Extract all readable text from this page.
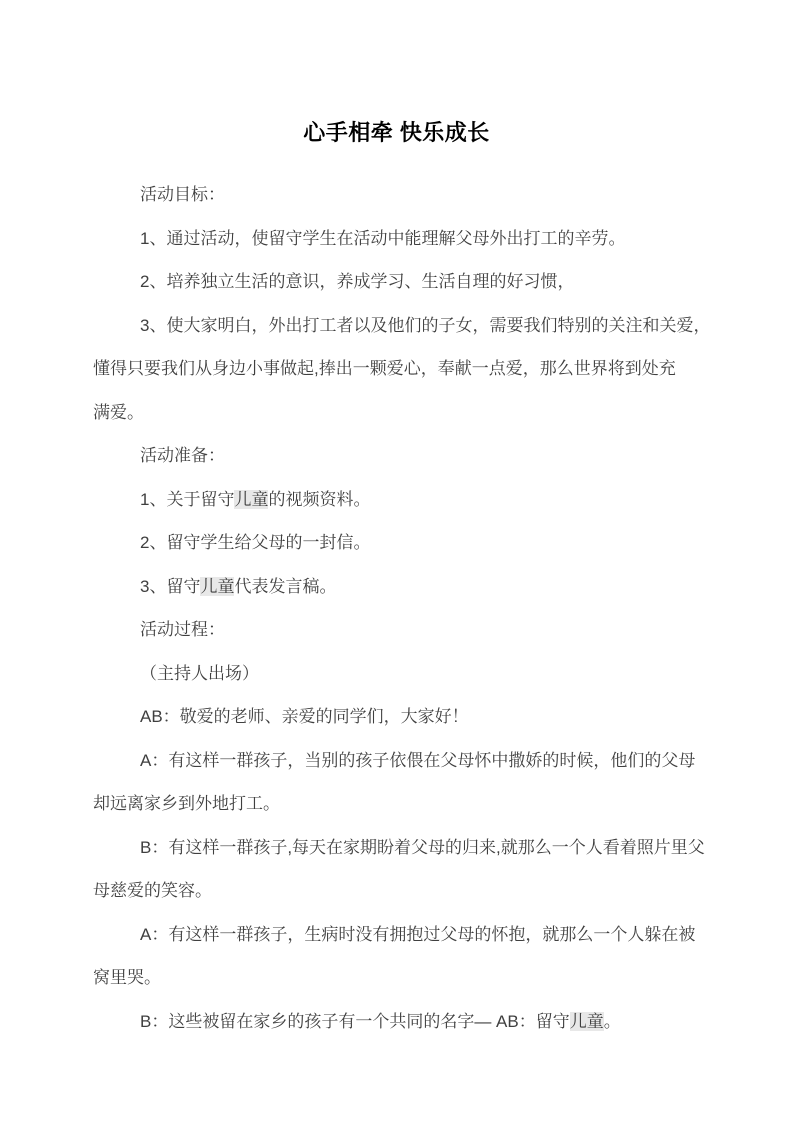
心手相牵 快乐成长
活动目标：
1、通过活动，使留守学生在活动中能理解父母外出打工的辛劳。
2、培养独立生活的意识，养成学习、生活自理的好习惯，
3、使大家明白，外出打工者以及他们的子女，需要我们特别的关注和关爱，
懂得只要我们从身边小事做起,捧出一颗爱心，奉献一点爱，那么世界将到处充
满爱。
活动准备：
1、关于留守儿童的视频资料。
2、留守学生给父母的一封信。
3、留守儿童代表发言稿。
活动过程：
（主持人出场）
AB：敬爱的老师、亲爱的同学们，大家好！
A：有这样一群孩子，当别的孩子依偎在父母怀中撒娇的时候，他们的父母
却远离家乡到外地打工。
B：有这样一群孩子,每天在家期盼着父母的归来,就那么一个人看着照片里父
母慈爱的笑容。
A：有这样一群孩子，生病时没有拥抱过父母的怀抱，就那么一个人躲在被
窝里哭。
B：这些被留在家乡的孩子有一个共同的名字— AB：留守儿童。
